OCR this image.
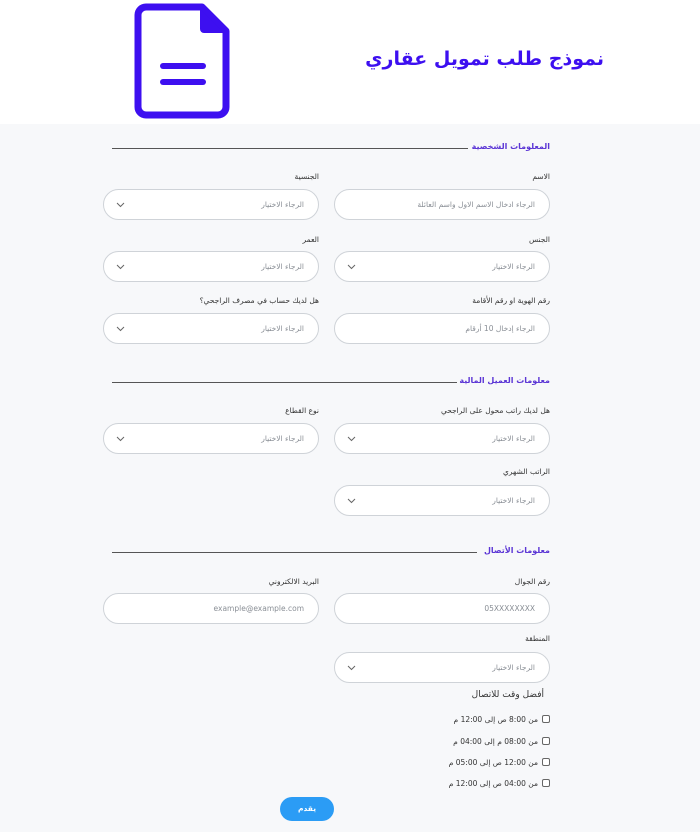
نموذج طلب تمويل عقاري
المعلومات الشخصية
الاسم
الرجاء ادخال الاسم الاول واسم العائلة
الجنسية
الرجاء الاختيار
الجنس
الرجاء الاختيار
العمر
الرجاء الاختيار
رقم الهوية او رقم الأقامة
الرجاء إدخال 10 أرقام
هل لديك حساب في مصرف الراجحي؟
الرجاء الاختيار
معلومات العميل المالية
هل لديك راتب محول على الراجحي
الرجاء الاختيار
نوع القطاع
الرجاء الاختيار
الراتب الشهري
الرجاء الاختيار
معلومات الأتصال
رقم الجوال
05XXXXXXXX
البريد الالكتروني
example@example.com
المنطقة
الرجاء الاختيار
أفضل وقت للاتصال
من 8:00 ص إلى 12:00 م
من 08:00 م إلى 04:00 م
من 12:00 ص إلى 05:00 م
من 04:00 ص إلى 12:00 م
يقدم
